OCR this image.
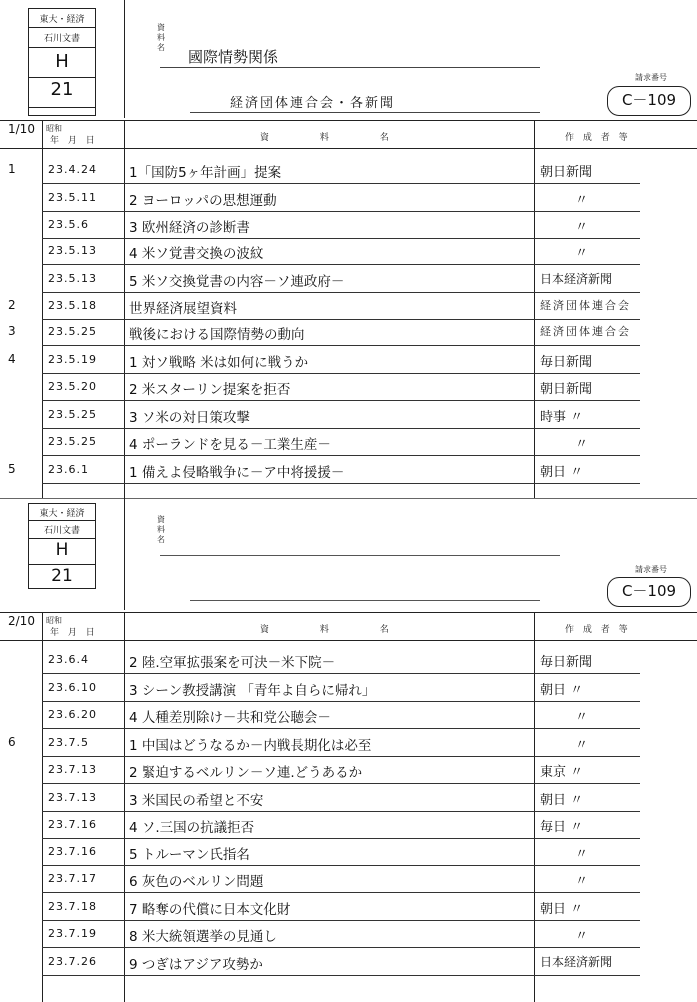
東大・経済
石川文書
H
21
資料名
國際情勢関係
経済団体連合会・各新聞
請求番号
C－109
1/10 昭和
年 月 日	資 料 名	作 成 者 等
1	23.4.24 1「国防5ヶ年計画」提案	朝日新聞
23.5.11 2 ヨーロッパの思想運動	〃
23.5.6	3 欧州経済の診断書	〃
23.5.13 4 米ソ覚書交換の波紋	〃
23.5.13 5 米ソ交換覚書の内容－ソ連政府－	日本経済新聞
2	23.5.18 世界経済展望資料	経済団体連合会
3	23.5.25 戦後における国際情勢の動向	経済団体連合会
4	23.5.19 1 対ソ戦略 米は如何に戦うか	毎日新聞
23.5.20 2 米スターリン提案を拒否	朝日新聞
23.5.25 3 ソ米の対日策攻撃	時事 〃
23.5.25 4 ポーランドを見る－工業生産－	〃
5	23.6.1	1 備えよ侵略戦争に－ア中将援援－	朝日 〃
東大・経済
石川文書
H
21
資料名
請求番号
C－109
2/10 昭和
年 月 日	資 料 名	作 成 者 等
23.6.4	2 陸.空軍拡張案を可決－米下院－	毎日新聞
23.6.10 3 シーン教授講演 「青年よ自らに帰れ」	朝日 〃
23.6.20 4 人種差別除け－共和党公聴会－	〃
6	23.7.5	1 中国はどうなるか－内戦長期化は必至	〃
23.7.13 2 緊迫するベルリン－ソ連.どうあるか	東京 〃
23.7.13 3 米国民の希望と不安	朝日 〃
23.7.16 4 ソ.三国の抗議拒否	毎日 〃
23.7.16 5 トルーマン氏指名	〃
23.7.17 6 灰色のベルリン問題	〃
23.7.18 7 略奪の代償に日本文化財	朝日 〃
23.7.19 8 米大統領選挙の見通し	〃
23.7.26 9 つぎはアジア攻勢か	日本経済新聞
